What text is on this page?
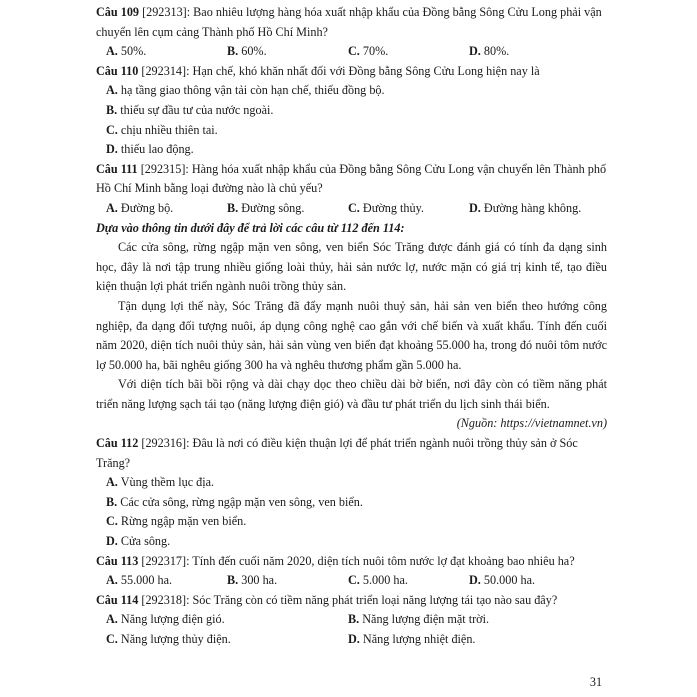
Câu 109 [292313]: Bao nhiêu lượng hàng hóa xuất nhập khẩu của Đồng bằng Sông Cửu Long phải vận chuyển lên cụm cảng Thành phố Hồ Chí Minh?

A. 50%.	B. 60%.	C. 70%.	D. 80%.

Câu 110 [292314]: Hạn chế, khó khăn nhất đối với Đồng bằng Sông Cửu Long hiện nay là

A. hạ tầng giao thông vận tải còn hạn chế, thiếu đồng bộ.
B. thiếu sự đầu tư của nước ngoài.
C. chịu nhiều thiên tai.
D. thiếu lao động.

Câu 111 [292315]: Hàng hóa xuất nhập khẩu của Đồng bằng Sông Cửu Long vận chuyển lên Thành phố Hồ Chí Minh bằng loại đường nào là chủ yếu?

A. Đường bộ.	B. Đường sông.	C. Đường thủy.	D. Đường hàng không.
Dựa vào thông tin dưới đây để trả lời các câu từ 112 đến 114:

Các cửa sông, rừng ngập mặn ven sông, ven biển Sóc Trăng được đánh giá có tính đa dạng sinh học, đây là nơi tập trung nhiều giống loài thủy, hải sản nước lợ, nước mặn có giá trị kinh tế, tạo điều kiện thuận lợi phát triển ngành nuôi trồng thủy sản.

Tận dụng lợi thế này, Sóc Trăng đã đẩy mạnh nuôi thuỷ sản, hải sản ven biển theo hướng công nghiệp, đa dạng đối tượng nuôi, áp dụng công nghệ cao gắn với chế biến và xuất khẩu. Tính đến cuối năm 2020, diện tích nuôi thủy sản, hải sản vùng ven biển đạt khoảng 55.000 ha, trong đó nuôi tôm nước lợ 50.000 ha, bãi nghêu giống 300 ha và nghêu thương phẩm gần 5.000 ha.

Với diện tích bãi bồi rộng và dài chạy dọc theo chiều dài bờ biển, nơi đây còn có tiềm năng phát triển năng lượng sạch tái tạo (năng lượng điện gió) và đầu tư phát triển du lịch sinh thái biển.

(Nguồn: https://vietnamnet.vn)

Câu 112 [292316]: Đâu là nơi có điều kiện thuận lợi để phát triển ngành nuôi trồng thủy sản ở Sóc Trăng?

A. Vùng thềm lục địa.
B. Các cửa sông, rừng ngập mặn ven sông, ven biển.
C. Rừng ngập mặn ven biển.
D. Cửa sông.

Câu 113 [292317]: Tính đến cuối năm 2020, diện tích nuôi tôm nước lợ đạt khoảng bao nhiêu ha?

A. 55.000 ha.	B. 300 ha.	C. 5.000 ha.	D. 50.000 ha.

Câu 114 [292318]: Sóc Trăng còn có tiềm năng phát triển loại năng lượng tái tạo nào sau đây?

A. Năng lượng điện gió.	B. Năng lượng điện mặt trời.
C. Năng lượng thủy điện.	D. Năng lượng nhiệt điện.
31
